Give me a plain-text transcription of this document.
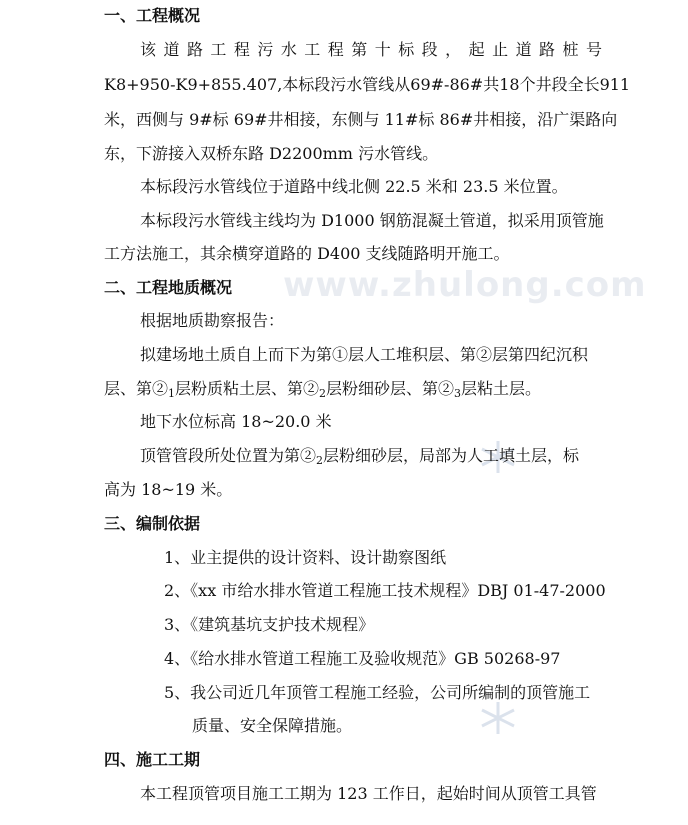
www.zhulong.com
一、工程概况
该道路工程污水工程第十标段，起止道路桩号
K8+950-K9+855.407,本标段污水管线从69#-86#共18个井段全长911
米，西侧与 9#标 69#井相接，东侧与 11#标 86#井相接，沿广渠路向
东，下游接入双桥东路 D2200mm 污水管线。
本标段污水管线位于道路中线北侧 22.5 米和 23.5 米位置。
本标段污水管线主线均为 D1000 钢筋混凝土管道，拟采用顶管施
工方法施工，其余横穿道路的 D400 支线随路明开施工。
二、工程地质概况
根据地质勘察报告：
拟建场地土质自上而下为第①层人工堆积层、第②层第四纪沉积
层、第$②_1$层粉质粘土层、第$②_2$层粉细砂层、第$②_3$层粘土层。
地下水位标高 18~20.0 米
顶管管段所处位置为第$②_2$层粉细砂层，局部为人工填土层，标
高为 18~19 米。
三、编制依据
1、业主提供的设计资料、设计勘察图纸
2、《xx 市给水排水管道工程施工技术规程》DBJ 01-47-2000
3、《建筑基坑支护技术规程》
4、《给水排水管道工程施工及验收规范》GB 50268-97
5、我公司近几年顶管工程施工经验，公司所编制的顶管施工
质量、安全保障措施。
四、施工工期
本工程顶管项目施工工期为 123 工作日，起始时间从顶管工具管
